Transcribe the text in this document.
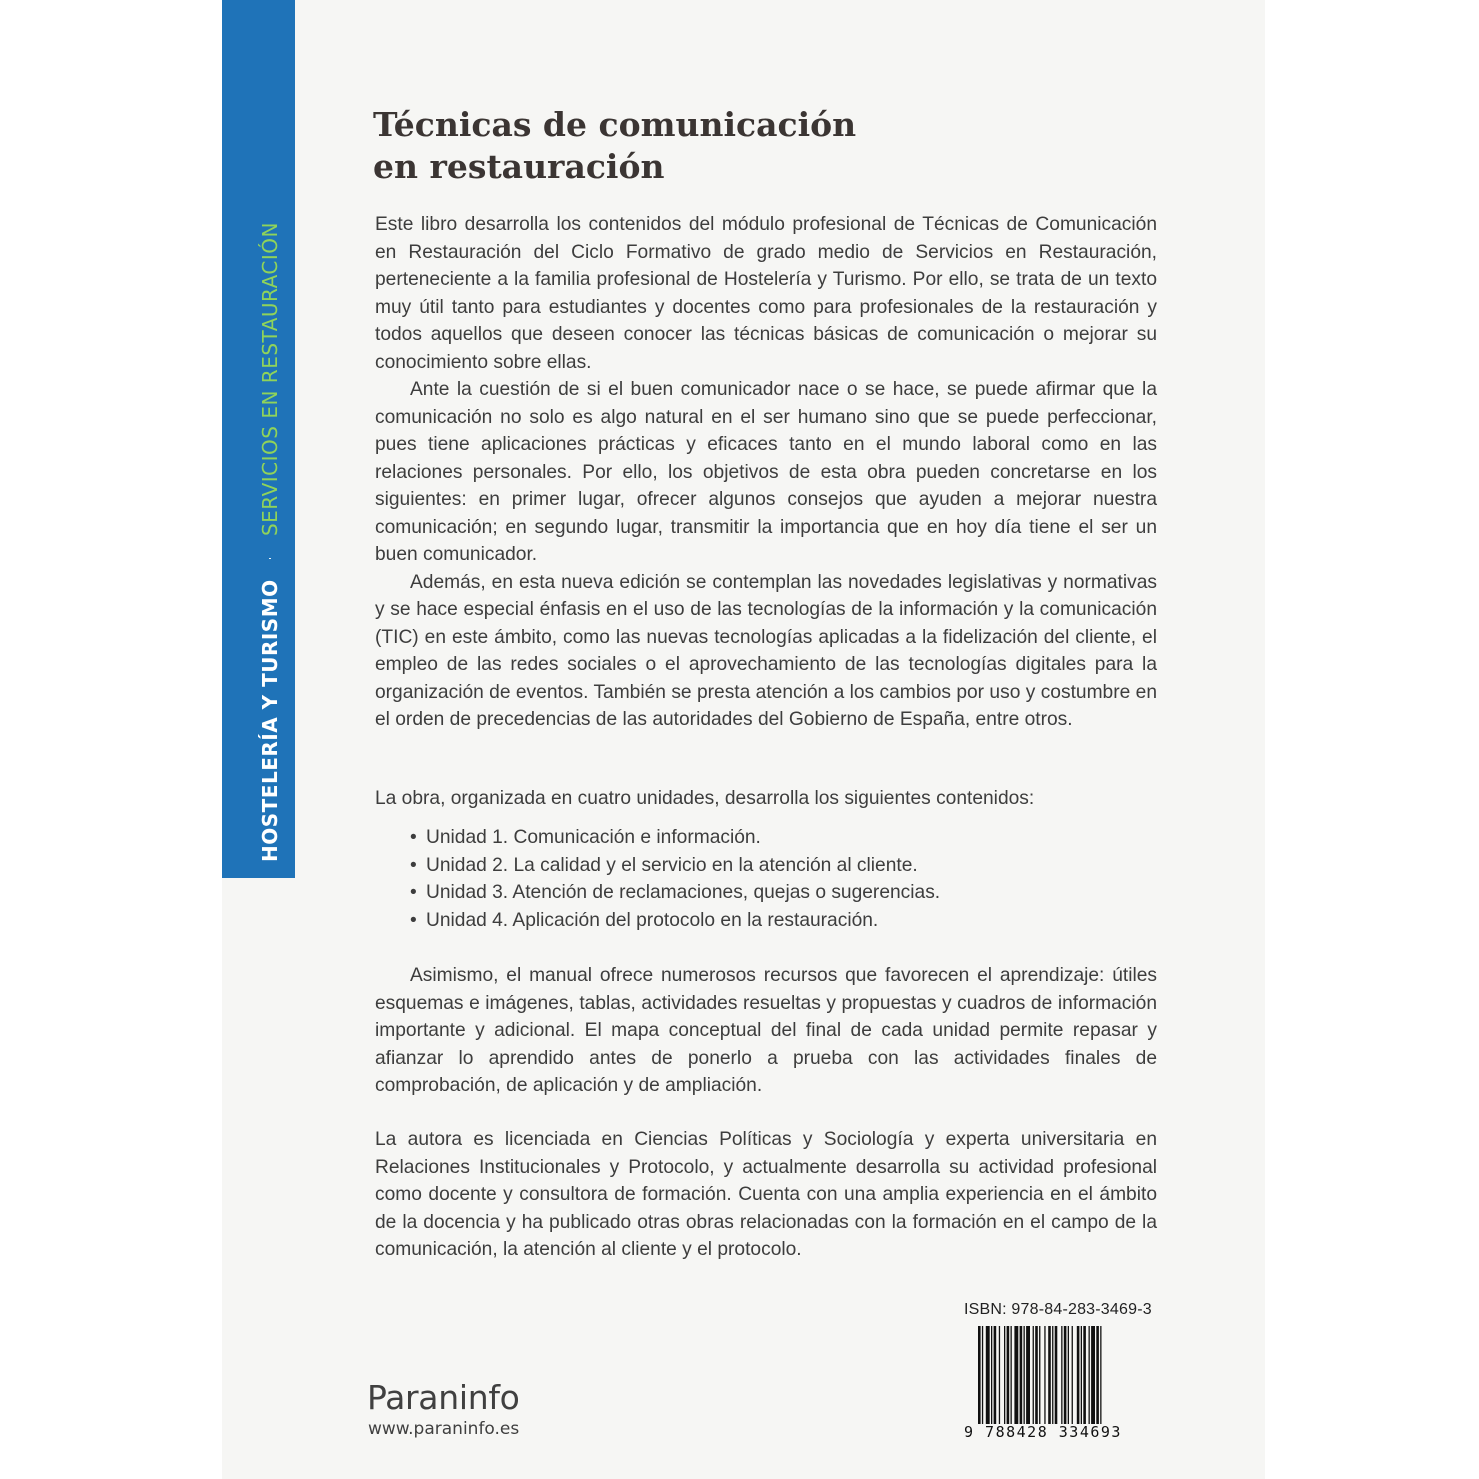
HOSTELERÍA Y TURISMO
SERVICIOS EN RESTAURACIÓN
Técnicas de comunicación
en restauración

Este libro desarrolla los contenidos del módulo profesional de Técnicas de Comunicación en Restauración del Ciclo Formativo de grado medio de Servicios en Restauración, perteneciente a la familia profesional de Hostelería y Turismo. Por ello, se trata de un texto muy útil tanto para estudiantes y docentes como para profesionales de la restauración y todos aquellos que deseen conocer las técnicas básicas de comunicación o mejorar su conocimiento sobre ellas.

Ante la cuestión de si el buen comunicador nace o se hace, se puede afirmar que la comunicación no solo es algo natural en el ser humano sino que se puede perfeccionar, pues tiene aplicaciones prácticas y eficaces tanto en el mundo laboral como en las relaciones personales. Por ello, los objetivos de esta obra pueden concretarse en los siguientes: en primer lugar, ofrecer algunos consejos que ayuden a mejorar nuestra comunicación; en segundo lugar, transmitir la importancia que en hoy día tiene el ser un buen comunicador.

Además, en esta nueva edición se contemplan las novedades legislativas y normativas y se hace especial énfasis en el uso de las tecnologías de la información y la comunicación (TIC) en este ámbito, como las nuevas tecnologías aplicadas a la fidelización del cliente, el empleo de las redes sociales o el aprovechamiento de las tecnologías digitales para la organización de eventos. También se presta atención a los cambios por uso y costumbre en el orden de precedencias de las autoridades del Gobierno de España, entre otros.

La obra, organizada en cuatro unidades, desarrolla los siguientes contenidos:

• Unidad 1. Comunicación e información.
• Unidad 2. La calidad y el servicio en la atención al cliente.
• Unidad 3. Atención de reclamaciones, quejas o sugerencias.
• Unidad 4. Aplicación del protocolo en la restauración.

Asimismo, el manual ofrece numerosos recursos que favorecen el aprendizaje: útiles esquemas e imágenes, tablas, actividades resueltas y propuestas y cuadros de información importante y adicional. El mapa conceptual del final de cada unidad permite repasar y afianzar lo aprendido antes de ponerlo a prueba con las actividades finales de comprobación, de aplicación y de ampliación.

La autora es licenciada en Ciencias Políticas y Sociología y experta universitaria en Relaciones Institucionales y Protocolo, y actualmente desarrolla su actividad profesional como docente y consultora de formación. Cuenta con una amplia experiencia en el ámbito de la docencia y ha publicado otras obras relacionadas con la formación en el campo de la comunicación, la atención al cliente y el protocolo.

ISBN: 978-84-283-3469-3
9 788428 334693
Paraninfo
www.paraninfo.es
